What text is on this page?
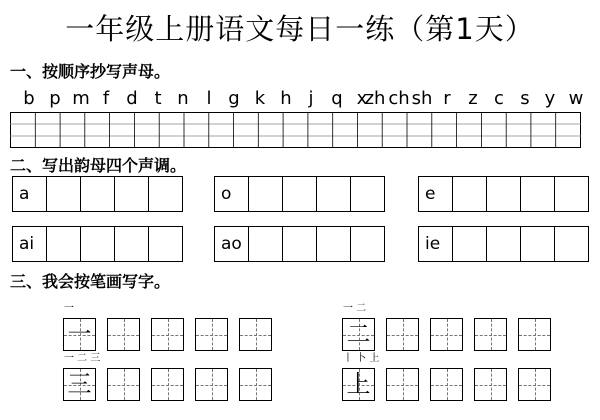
一年级上册语文每日一练（第1天）
一、按顺序抄写声母。
b p m f d t n l g k h j q x
zh ch sh r z c s y w
二、写出韵母四个声调。
a	o	e
ai	ao	ie
三、我会按笔画写字。
一
一
一 二
二
一 二 三
三
丨 卜 上
上
